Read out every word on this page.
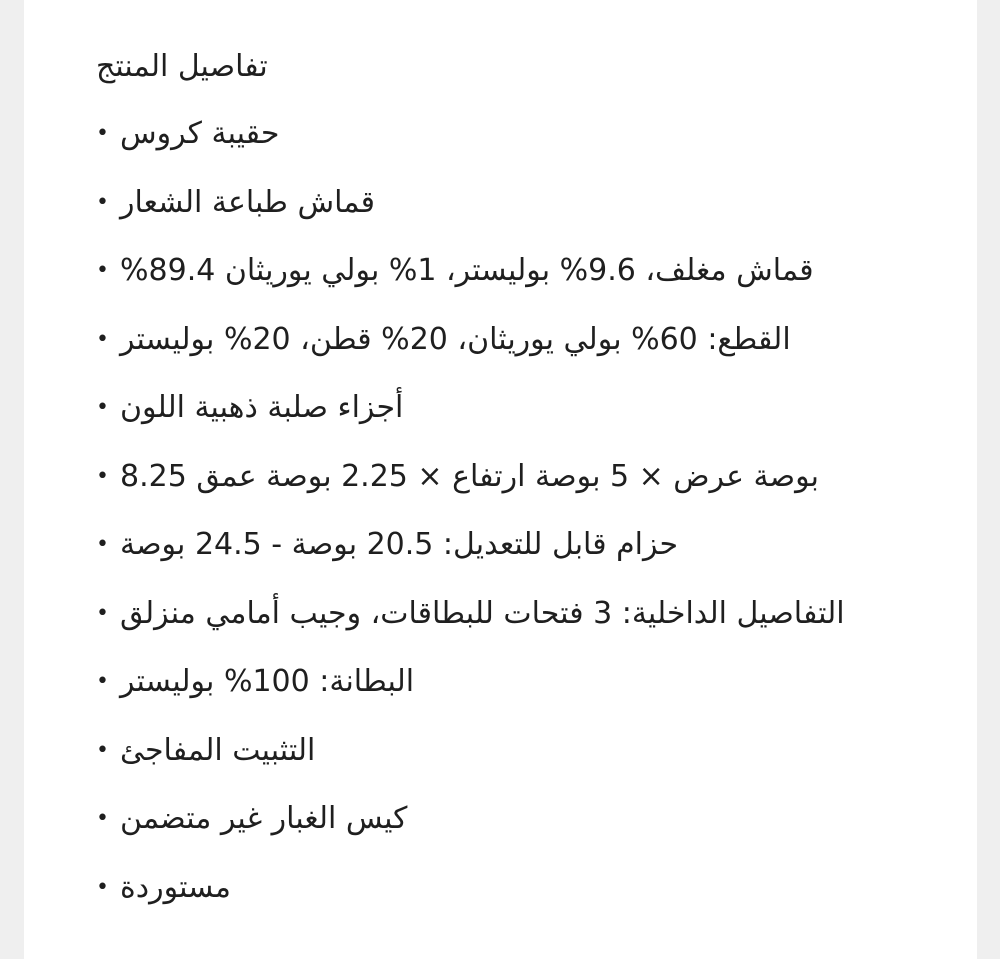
تفاصيل المنتج
• حقيبة كروس
• قماش طباعة الشعار
• قماش مغلف، 9.6% بوليستر، 1% بولي يوريثان 89.4%
• القطع: 60% بولي يوريثان، 20% قطن، 20% بوليستر
• أجزاء صلبة ذهبية اللون
• بوصة عرض × 5 بوصة ارتفاع × 2.25 بوصة عمق 8.25
• حزام قابل للتعديل: 20.5 بوصة - 24.5 بوصة
• التفاصيل الداخلية: 3 فتحات للبطاقات، وجيب أمامي منزلق
• البطانة: 100% بوليستر
• التثبيت المفاجئ
• كيس الغبار غير متضمن
• مستوردة
